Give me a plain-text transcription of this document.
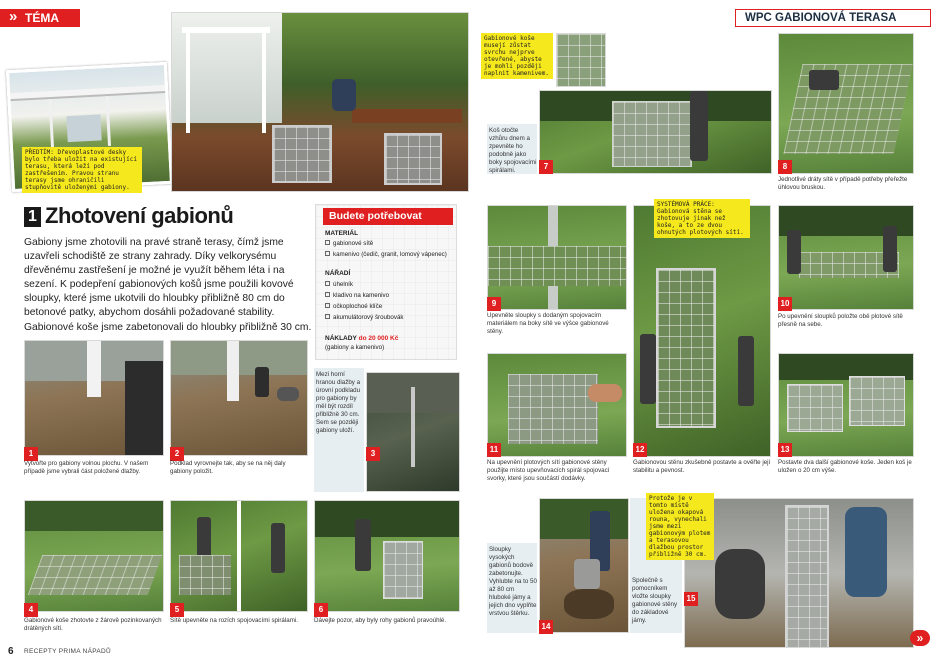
» TÉMA
PŘEDTÍM: Dřevoplastové desky bylo třeba uložit na existující terasu, která leží pod zastřešením. Pravou stranu terasy jsme ohraničili stupňovitě uloženými gabiony.
1 Zhotovení gabionů
Gabiony jsme zhotovili na pravé straně terasy, čímž jsme uzavřeli schodiště ze strany zahrady. Díky velkorysému dřevěnému zastřešení je možné je využít během léta i na sezení. K podepření gabionových košů jsme použili kovové sloupky, které jsme ukotvili do hloubky přibližně 80 cm do betonové patky, abychom dosáhli požadované stability. Gabionové koše jsme zabetonovali do hloubky přibližně 30 cm.
Budete potřebovat
MATERIÁL
gabionové sítě
kamenivo (čedič, granit, lomový vápenec)
NÁŘADÍ
úhelník
kladivo na kamenivo
očkoplochoé klíče
akumulátorový šroubovák
NÁKLADY do 20 000 Kč
(gabiony a kamenivo)
1
Vytvořte pro gabiony volnou plochu. V našem případě jsme vybrali část položené dlažby.
2
Podklad vyrovnejte tak, aby se na něj daly gabiony položit.
Mezi horní hranou dlažby a úrovní podkladu pro gabiony by měl být rozdíl přibližně 30 cm. Sem se později gabiony uloží.
3
4
Gabionové koše zhotovte z žárově pozinkovaných drátěných sítí.
5
Sítě upevněte na rozích spojovacími spirálami.
6
Dávejte pozor, aby byly rohy gabionů pravoúhlé.
6 RECEPTY PRIMA NÁPADŮ
WPC GABIONOVÁ TERASA
Gabionové koše musejí zůstat svrchu nejprve otevřené, abyste je mohli později naplnit kamenivem.
Koš otočte vzhůru dnem a zpevněte ho podobně jako boky spojovacími spirálami.	7	8
Jednotlivé dráty sítě v případě potřeby přeřežte úhlovou bruskou.
9
Upevněte sloupky s dodaným spojovacím materiálem na boky sítě ve výšce gabionové stěny.
SYSTÉMOVÁ PRÁCE: Gabionová stěna se zhotovuje jinak než koše, a to ze dvou ohnutých plotových sítí.
12
Gabionovou stěnu zkušebně postavte a ověřte její stabilitu a pevnost.
10
Po upevnění sloupků položte obě plotové sítě přesně na sebe.
11
Na upevnění plotových sítí gabionové stěny použijte místo upevňovacích spirál spojovací svorky, které jsou součástí dodávky.
13
Postavte dva další gabionové koše. Jeden koš je uložen o 20 cm výše.
Sloupky vysokých gabionů bodově zabetonujte. Vyhlubte na to 50 až 80 cm hluboké jámy a jejich dno vyplňte vrstvou štěrku.
14
Společně s pomocníkem vložte sloupky gabionové stěny do základové jámy.
Protože je v tomto místě uložena okapová rouna, vynechali jsme mezi gabionovým plotem a terasovou dlažbou prostor přibližně 30 cm.
15
»
